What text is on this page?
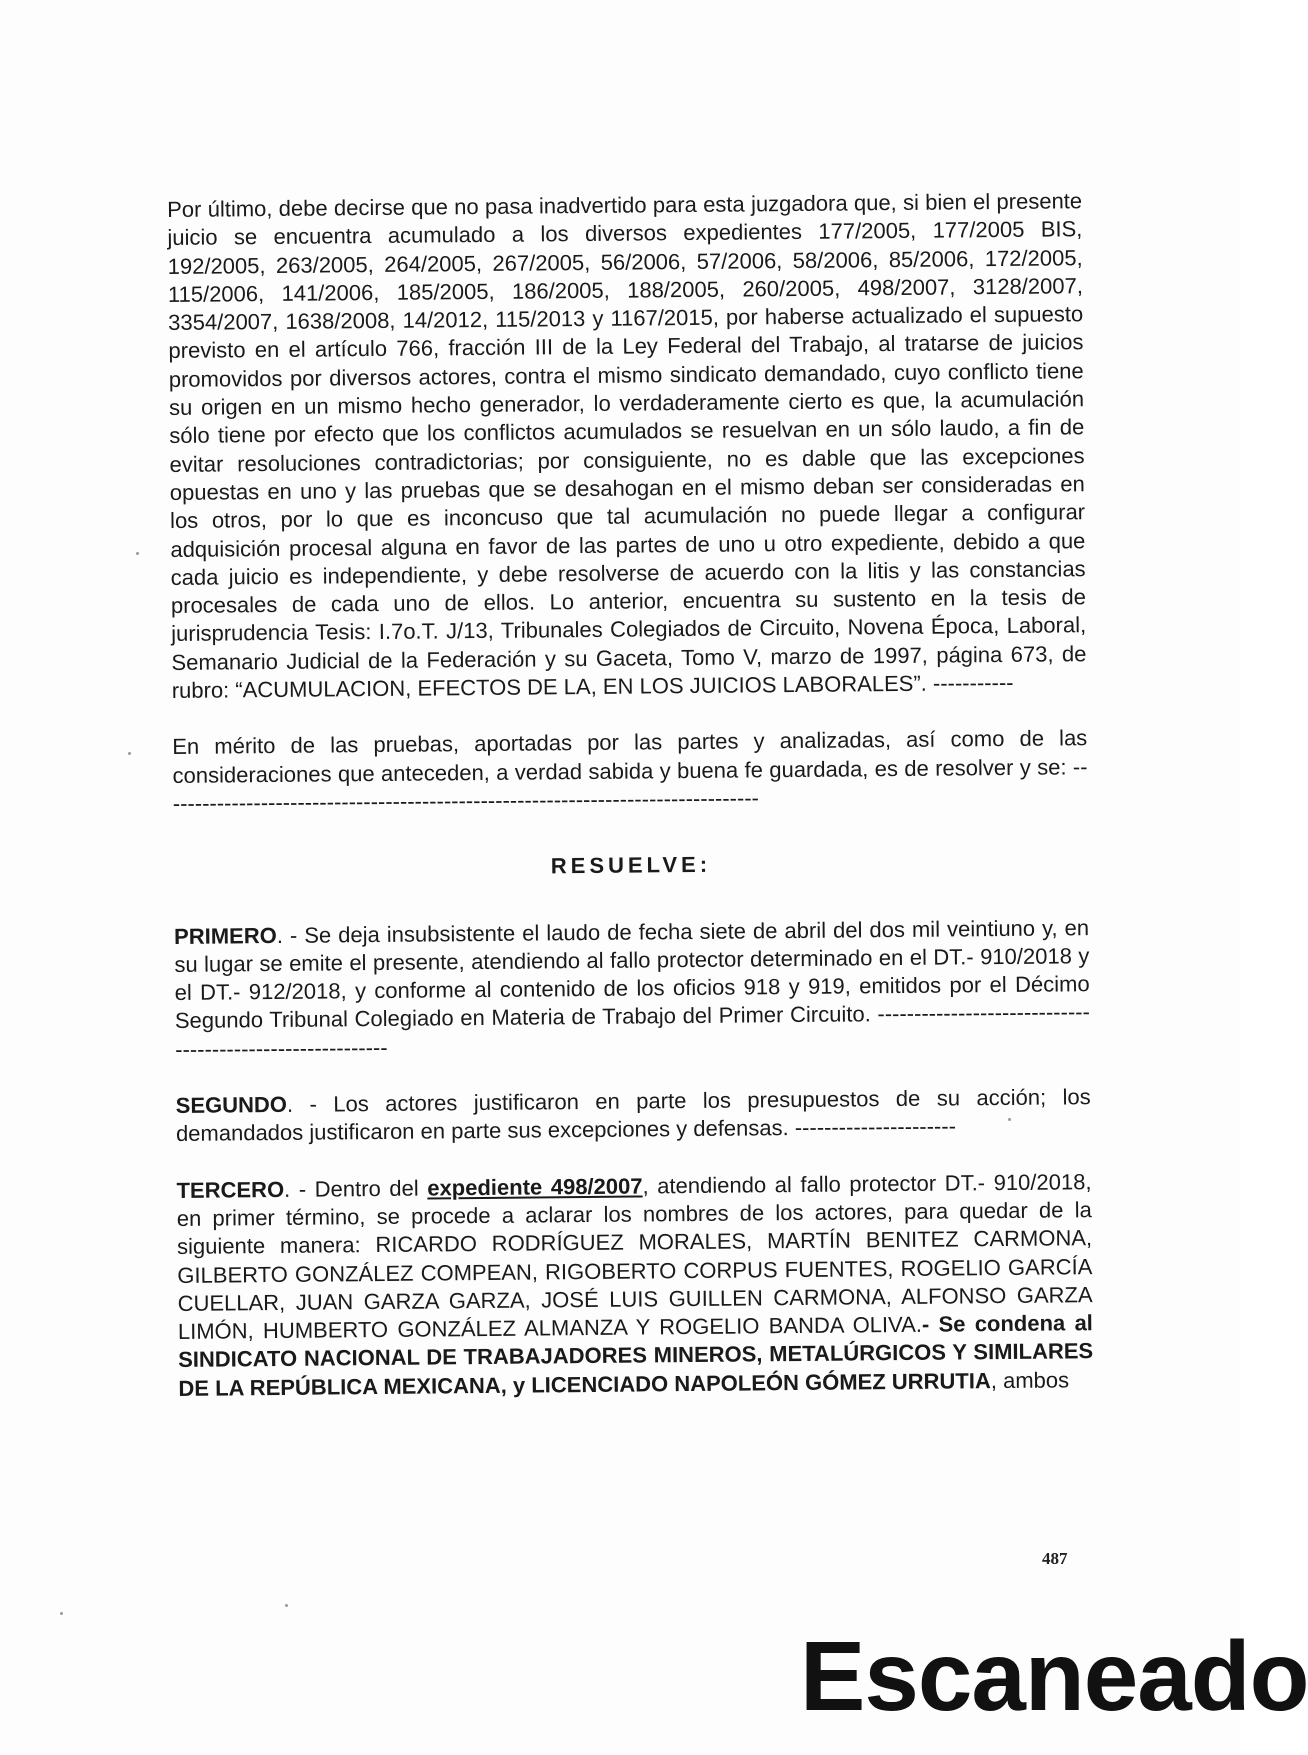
Por último, debe decirse que no pasa inadvertido para esta juzgadora que, si bien el presente juicio se encuentra acumulado a los diversos expedientes 177/2005, 177/2005 BIS, 192/2005, 263/2005, 264/2005, 267/2005, 56/2006, 57/2006, 58/2006, 85/2006, 172/2005, 115/2006, 141/2006, 185/2005, 186/2005, 188/2005, 260/2005, 498/2007, 3128/2007, 3354/2007, 1638/2008, 14/2012, 115/2013 y 1167/2015, por haberse actualizado el supuesto previsto en el artículo 766, fracción III de la Ley Federal del Trabajo, al tratarse de juicios promovidos por diversos actores, contra el mismo sindicato demandado, cuyo conflicto tiene su origen en un mismo hecho generador, lo verdaderamente cierto es que, la acumulación sólo tiene por efecto que los conflictos acumulados se resuelvan en un sólo laudo, a fin de evitar resoluciones contradictorias; por consiguiente, no es dable que las excepciones opuestas en uno y las pruebas que se desahogan en el mismo deban ser consideradas en los otros, por lo que es inconcuso que tal acumulación no puede llegar a configurar adquisición procesal alguna en favor de las partes de uno u otro expediente, debido a que cada juicio es independiente, y debe resolverse de acuerdo con la litis y las constancias procesales de cada uno de ellos. Lo anterior, encuentra su sustento en la tesis de jurisprudencia Tesis: I.7o.T. J/13, Tribunales Colegiados de Circuito, Novena Época, Laboral, Semanario Judicial de la Federación y su Gaceta, Tomo V, marzo de 1997, página 673, de rubro: “ACUMULACION, EFECTOS DE LA, EN LOS JUICIOS LABORALES”. -----------

En mérito de las pruebas, aportadas por las partes y analizadas, así como de las consideraciones que anteceden, a verdad sabida y buena fe guardada, es de resolver y se: ----------------------------------------------------------------------------------

RESUELVE:

PRIMERO. - Se deja insubsistente el laudo de fecha siete de abril del dos mil veintiuno y, en su lugar se emite el presente, atendiendo al fallo protector determinado en el DT.- 910/2018 y el DT.- 912/2018, y conforme al contenido de los oficios 918 y 919, emitidos por el Décimo Segundo Tribunal Colegiado en Materia de Trabajo del Primer Circuito. ----------------------------------------------------------

SEGUNDO. - Los actores justificaron en parte los presupuestos de su acción; los demandados justificaron en parte sus excepciones y defensas. ----------------------

TERCERO. - Dentro del expediente 498/2007, atendiendo al fallo protector DT.- 910/2018, en primer término, se procede a aclarar los nombres de los actores, para quedar de la siguiente manera: RICARDO RODRÍGUEZ MORALES, MARTÍN BENITEZ CARMONA, GILBERTO GONZÁLEZ COMPEAN, RIGOBERTO CORPUS FUENTES, ROGELIO GARCÍA CUELLAR, JUAN GARZA GARZA, JOSÉ LUIS GUILLEN CARMONA, ALFONSO GARZA LIMÓN, HUMBERTO GONZÁLEZ ALMANZA Y ROGELIO BANDA OLIVA.- Se condena al SINDICATO NACIONAL DE TRABAJADORES MINEROS, METALÚRGICOS Y SIMILARES DE LA REPÚBLICA MEXICANA, y LICENCIADO NAPOLEÓN GÓMEZ URRUTIA, ambos

487
Escaneado
